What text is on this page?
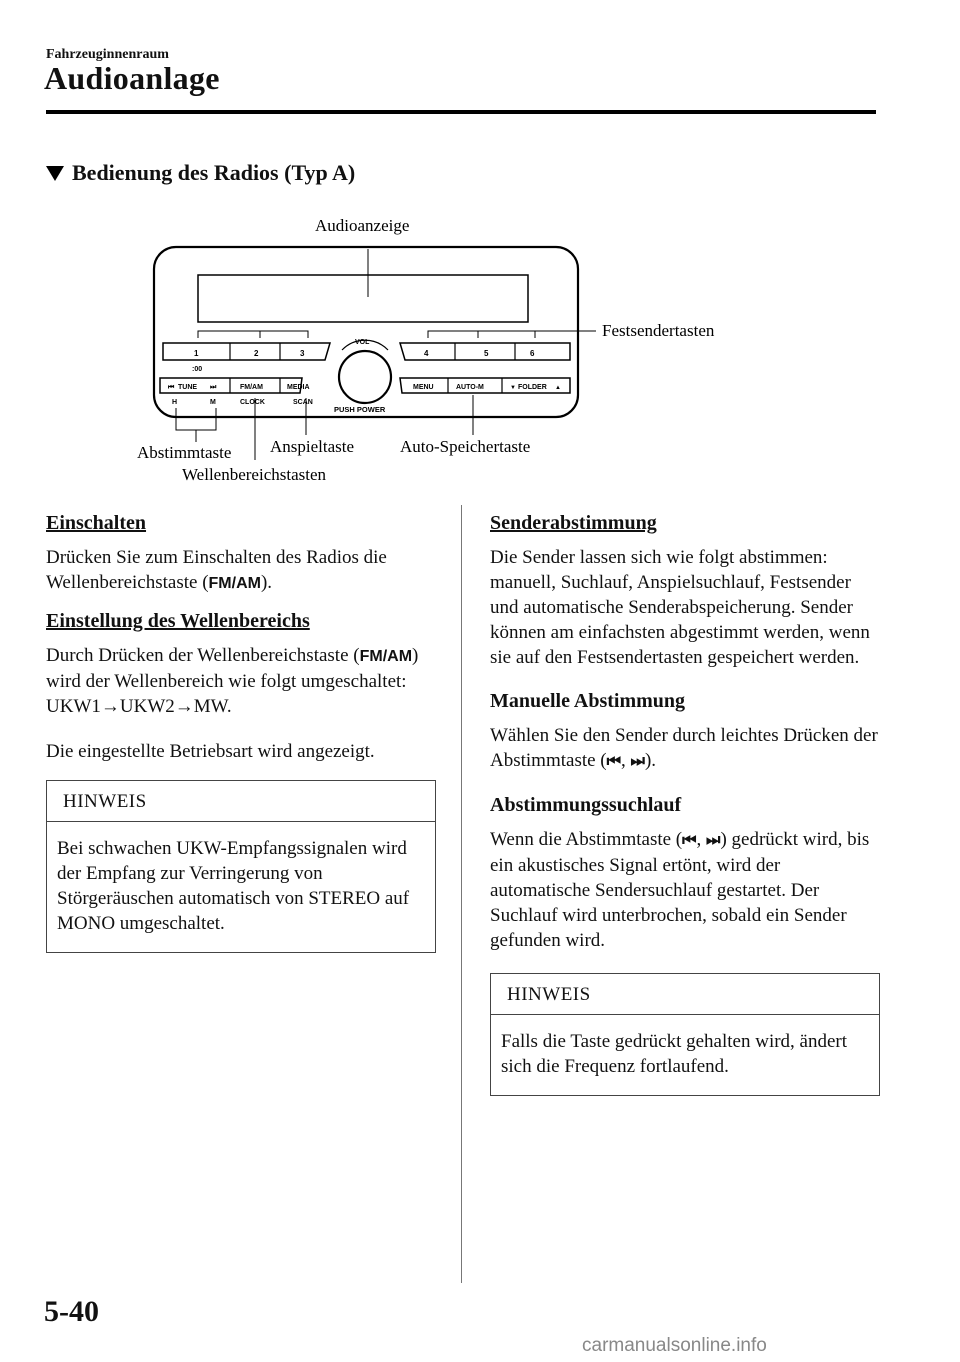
Fahrzeuginnenraum
Audioanlage
Bedienung des Radios (Typ A)
1	2	3	4	5	6
:00
VOL
PUSH POWER
TUNE
⏮	⏭	FM/AM	MEDIA	MENU	AUTO-M	▼ FOLDER ▲
H	M	CLOCK	SCAN
Audioanzeige
Festsendertasten
Abstimmtaste
Wellenbereichstasten
Anspieltaste	Auto-Speichertaste
Einschalten

Drücken Sie zum Einschalten des Radios die Wellenbereichstaste (FM/AM).

Einstellung des Wellenbereichs

Durch Drücken der Wellenbereichstaste (FM/AM) wird der Wellenbereich wie folgt umgeschaltet: UKW1→UKW2→MW.

Die eingestellte Betriebsart wird angezeigt.

HINWEIS
Bei schwachen UKW-Empfangssignalen wird der Empfang zur Verringerung von Störgeräuschen automatisch von STEREO auf MONO umgeschaltet.
Senderabstimmung

Die Sender lassen sich wie folgt abstimmen: manuell, Suchlauf, Anspielsuchlauf, Festsender und automatische Senderabspeicherung. Sender können am einfachsten abgestimmt werden, wenn sie auf den Festsendertasten gespeichert werden.

Manuelle Abstimmung

Wählen Sie den Sender durch leichtes Drücken der Abstimmtaste (⏮, ⏭).

Abstimmungssuchlauf

Wenn die Abstimmtaste (⏮, ⏭) gedrückt wird, bis ein akustisches Signal ertönt, wird der automatische Sendersuchlauf gestartet. Der Suchlauf wird unterbrochen, sobald ein Sender gefunden wird.

HINWEIS
Falls die Taste gedrückt gehalten wird, ändert sich die Frequenz fortlaufend.
5-40
carmanualsonline.info
